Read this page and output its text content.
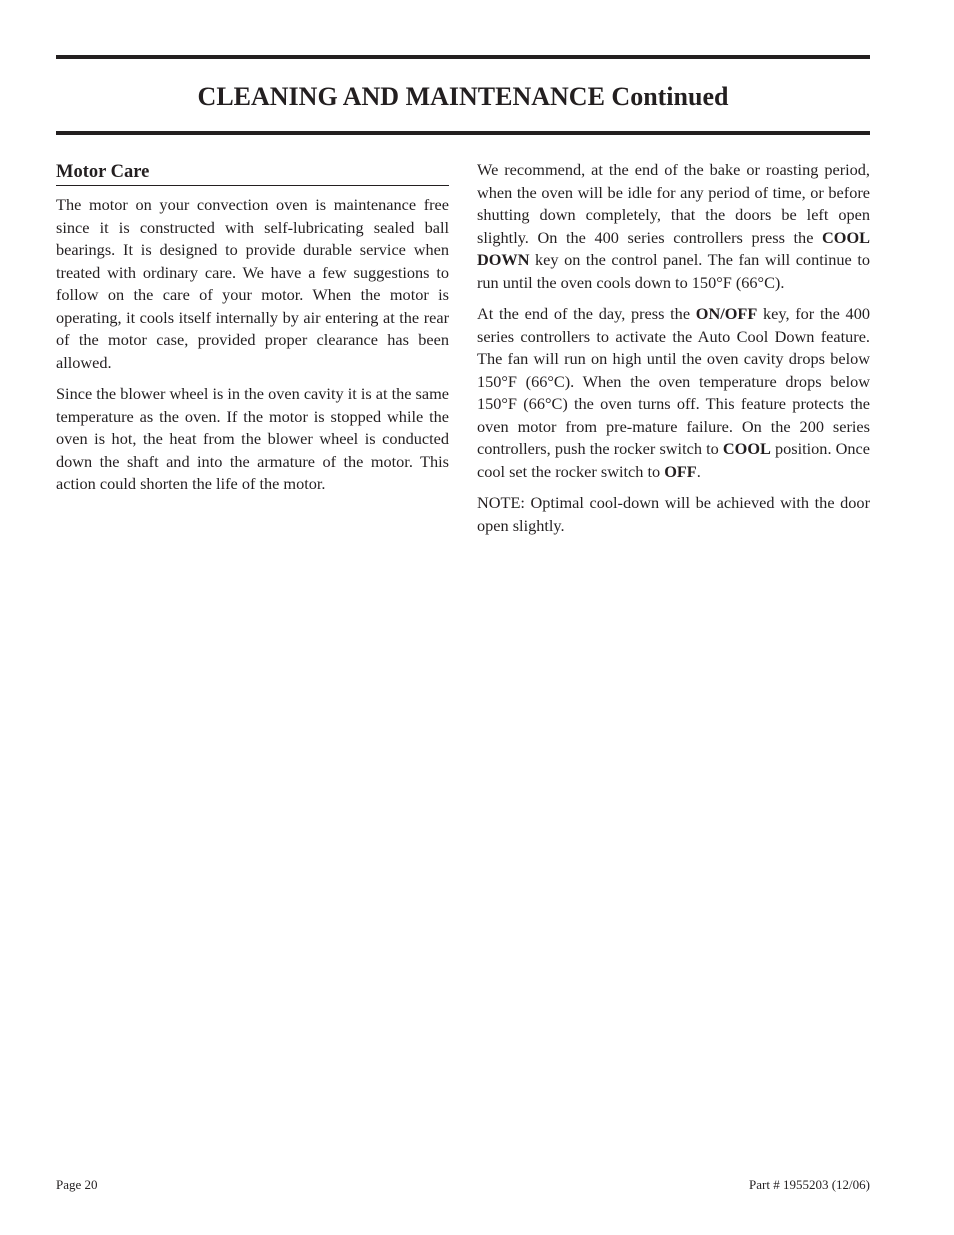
CLEANING AND MAINTENANCE Continued
Motor Care

The motor on your convection oven is maintenance free since it is constructed with self-lubricating sealed ball bearings. It is designed to provide durable service when treated with ordinary care. We have a few suggestions to follow on the care of your motor. When the motor is operating, it cools itself internally by air entering at the rear of the motor case, provided proper clearance has been allowed.

Since the blower wheel is in the oven cavity it is at the same temperature as the oven. If the motor is stopped while the oven is hot, the heat from the blower wheel is conducted down the shaft and into the armature of the motor. This action could shorten the life of the motor.

We recommend, at the end of the bake or roasting period, when the oven will be idle for any period of time, or before shutting down completely, that the doors be left open slightly. On the 400 series controllers press the COOL DOWN key on the control panel. The fan will continue to run until the oven cools down to 150°F (66°C).

At the end of the day, press the ON/OFF key, for the 400 series controllers to activate the Auto Cool Down feature. The fan will run on high until the oven cavity drops below 150°F (66°C). When the oven temperature drops below 150°F (66°C) the oven turns off. This feature protects the oven motor from pre-mature failure. On the 200 series controllers, push the rocker switch to COOL position. Once cool set the rocker switch to OFF.

NOTE: Optimal cool-down will be achieved with the door open slightly.

Page 20	Part # 1955203 (12/06)
